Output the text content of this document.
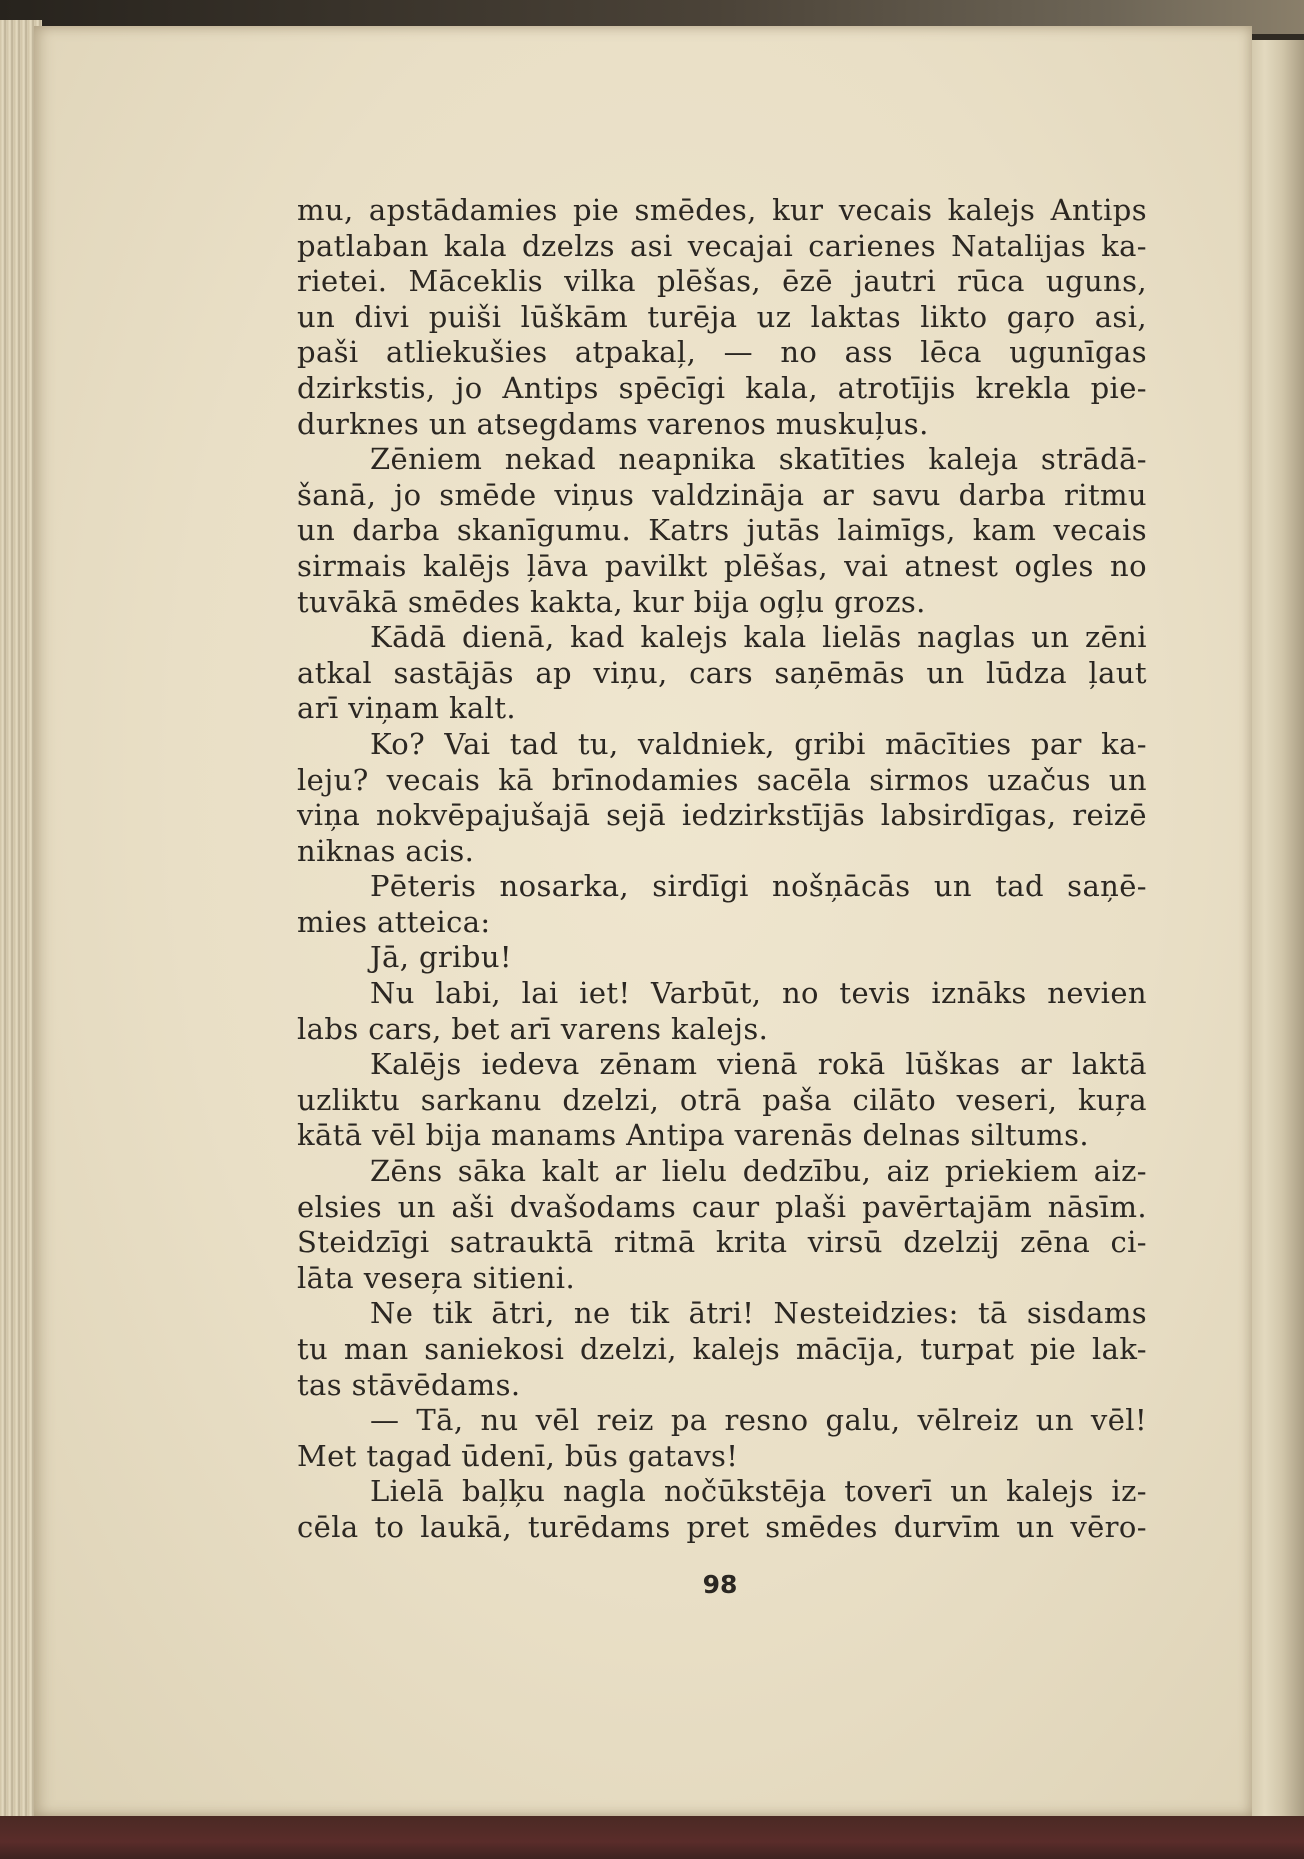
mu, apstādamies pie smēdes, kur vecais kalejs Antips
patlaban kala dzelzs asi vecajai carienes Natalijas ka-
rietei. Māceklis vilka plēšas, ēzē jautri rūca uguns,
un divi puiši lūškām turēja uz laktas likto gaŗo asi,
paši atliekušies atpakaļ, — no ass lēca ugunīgas
dzirkstis, jo Antips spēcīgi kala, atrotījis krekla pie-
durknes un atsegdams varenos muskuļus.
Zēniem nekad neapnika skatīties kaleja strādā-
šanā, jo smēde viņus valdzināja ar savu darba ritmu
un darba skanīgumu. Katrs jutās laimīgs, kam vecais
sirmais kalējs ļāva pavilkt plēšas, vai atnest ogles no
tuvākā smēdes kakta, kur bija ogļu grozs.
Kādā dienā, kad kalejs kala lielās naglas un zēni
atkal sastājās ap viņu, cars saņēmās un lūdza ļaut
arī viņam kalt.
Ko? Vai tad tu, valdniek, gribi mācīties par ka-
leju? vecais kā brīnodamies sacēla sirmos uzačus un
viņa nokvēpajušajā sejā iedzirkstījās labsirdīgas, reizē
niknas acis.
Pēteris nosarka, sirdīgi nošņācās un tad saņē-
mies atteica:
Jā, gribu!
Nu labi, lai iet! Varbūt, no tevis iznāks nevien
labs cars, bet arī varens kalejs.
Kalējs iedeva zēnam vienā rokā lūškas ar laktā
uzliktu sarkanu dzelzi, otrā paša cilāto veseri, kuŗa
kātā vēl bija manams Antipa varenās delnas siltums.
Zēns sāka kalt ar lielu dedzību, aiz priekiem aiz-
elsies un aši dvašodams caur plaši pavērtajām nāsīm.
Steidzīgi satrauktā ritmā krita virsū dzelzij zēna ci-
lāta veseŗa sitieni.
Ne tik ātri, ne tik ātri! Nesteidzies: tā sisdams
tu man saniekosi dzelzi, kalejs mācīja, turpat pie lak-
tas stāvēdams.
— Tā, nu vēl reiz pa resno galu, vēlreiz un vēl!
Met tagad ūdenī, būs gatavs!
Lielā baļķu nagla nočūkstēja toverī un kalejs iz-
cēla to laukā, turēdams pret smēdes durvīm un vēro-
98
